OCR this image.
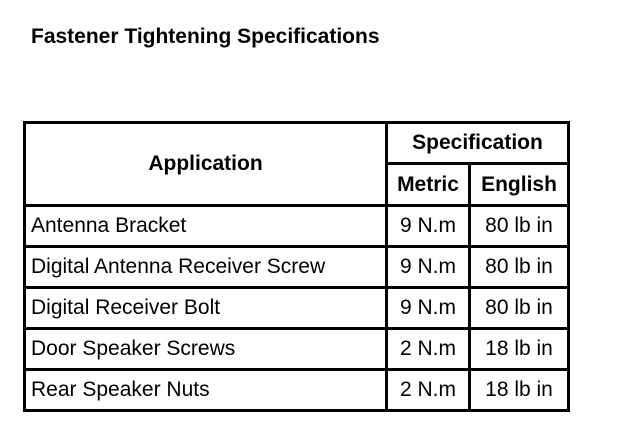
Fastener Tightening Specifications
Application	Specification	
	Metric	English
Antenna Bracket	9 N.m	80 lb in
Digital Antenna Receiver Screw	9 N.m	80 lb in
Digital Receiver Bolt	9 N.m	80 lb in
Door Speaker Screws	2 N.m	18 lb in
Rear Speaker Nuts	2 N.m	18 lb in
